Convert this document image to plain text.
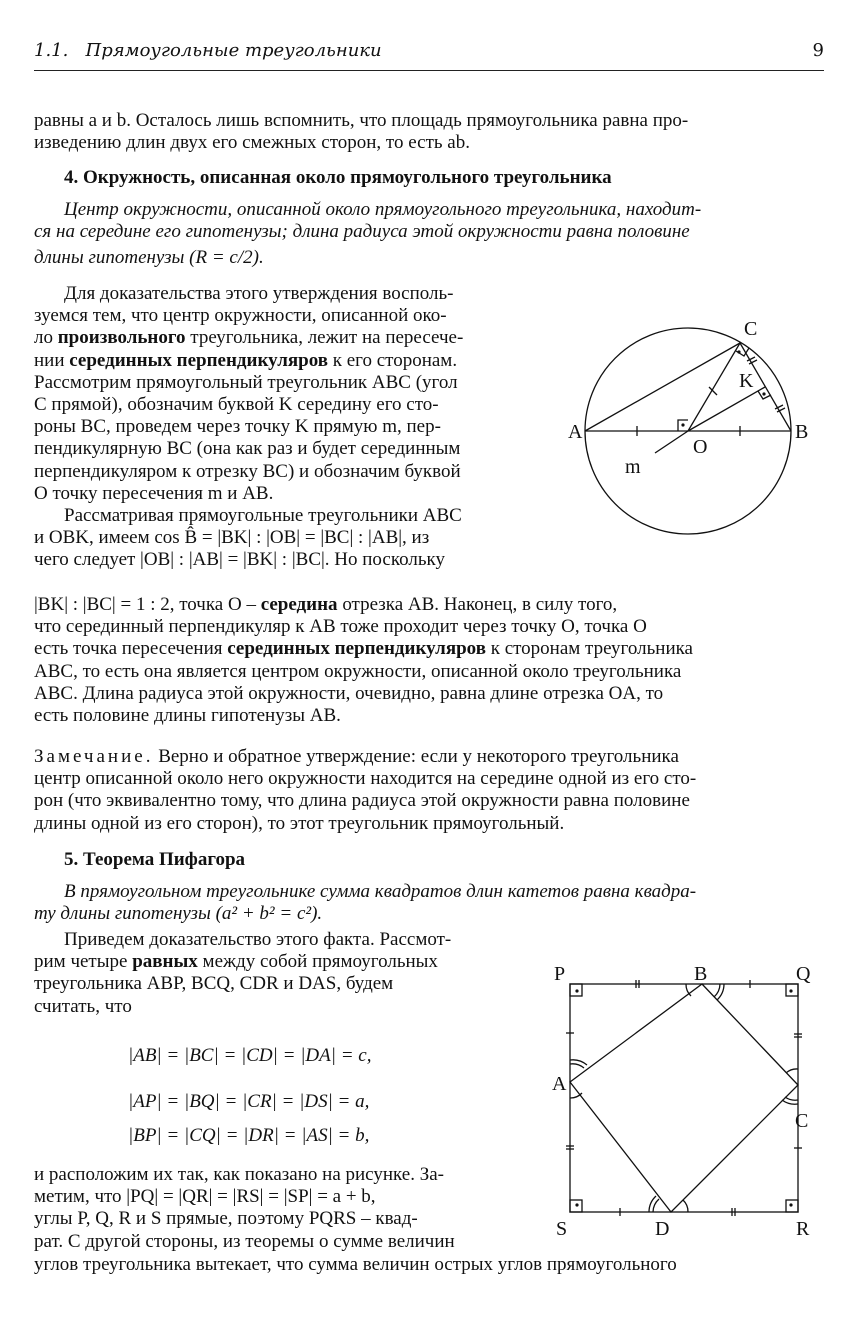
1.1. Прямоугольные треугольники	9
равны a и b. Осталось лишь вспомнить, что площадь прямоугольника равна про-
изведению длин двух его смежных сторон, то есть ab.
4. Окружность, описанная около прямоугольного треугольника
Центр окружности, описанной около прямоугольного треугольника, находит-
ся на середине его гипотенузы; длина радиуса этой окружности равна половине
длины гипотенузы (R = c/2).
Для доказательства этого утверждения восполь-
зуемся тем, что центр окружности, описанной око-
ло произвольного треугольника, лежит на пересече-
нии серединных перпендикуляров к его сторонам.
Рассмотрим прямоугольный треугольник ABC (угол
C прямой), обозначим буквой K середину его сто-
роны BC, проведем через точку K прямую m, пер-
пендикулярную BC (она как раз и будет серединным
перпендикуляром к отрезку BC) и обозначим буквой
O точку пересечения m и AB.
Рассматривая прямоугольные треугольники ABC
и OBK, имеем cos B̂ = |BK| : |OB| = |BC| : |AB|, из
чего следует |OB| : |AB| = |BK| : |BC|. Но поскольку
|BK| : |BC| = 1 : 2, точка O – середина отрезка AB. Наконец, в силу того,
что серединный перпендикуляр к AB тоже проходит через точку O, точка O
есть точка пересечения серединных перпендикуляров к сторонам треугольника
ABC, то есть она является центром окружности, описанной около треугольника
ABC. Длина радиуса этой окружности, очевидно, равна длине отрезка OA, то
есть половине длины гипотенузы AB.
Замечание. Верно и обратное утверждение: если у некоторого треугольника
центр описанной около него окружности находится на середине одной из его сто-
рон (что эквивалентно тому, что длина радиуса этой окружности равна половине
длины одной из его сторон), то этот треугольник прямоугольный.
5. Теорема Пифагора
В прямоугольном треугольнике сумма квадратов длин катетов равна квадра-
ту длины гипотенузы (a² + b² = c²).
Приведем доказательство этого факта. Рассмот-
рим четыре равных между собой прямоугольных
треугольника ABP, BCQ, CDR и DAS, будем
считать, что
|AB| = |BC| = |CD| = |DA| = c,
|AP| = |BQ| = |CR| = |DS| = a,
|BP| = |CQ| = |DR| = |AS| = b,
и расположим их так, как показано на рисунке. За-
метим, что |PQ| = |QR| = |RS| = |SP| = a + b,
углы P, Q, R и S прямые, поэтому PQRS – квад-
рат. С другой стороны, из теоремы о сумме величин
углов треугольника вытекает, что сумма величин острых углов прямоугольного
A	B
C
K
O
m
P	B	Q
A
C
S	D	R
